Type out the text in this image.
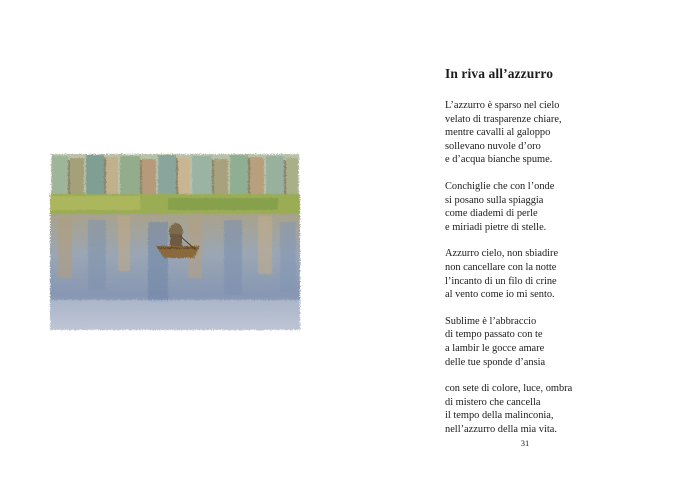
In riva all’azzurro
L’azzurro è sparso nel cielo
velato di trasparenze chiare,
mentre cavalli al galoppo
sollevano nuvole d’oro
e d’acqua bianche spume.
Conchiglie che con l’onde
si posano sulla spiaggia
come diademi di perle
e miriadi pietre di stelle.
Azzurro cielo, non sbiadire
non cancellare con la notte
l’incanto di un filo di crine
al vento come io mi sento.
Sublime è l’abbraccio
di tempo passato con te
a lambir le gocce amare
delle tue sponde d’ansia
con sete di colore, luce, ombra
di mistero che cancella
il tempo della malinconia,
nell’azzurro della mia vita.
31
